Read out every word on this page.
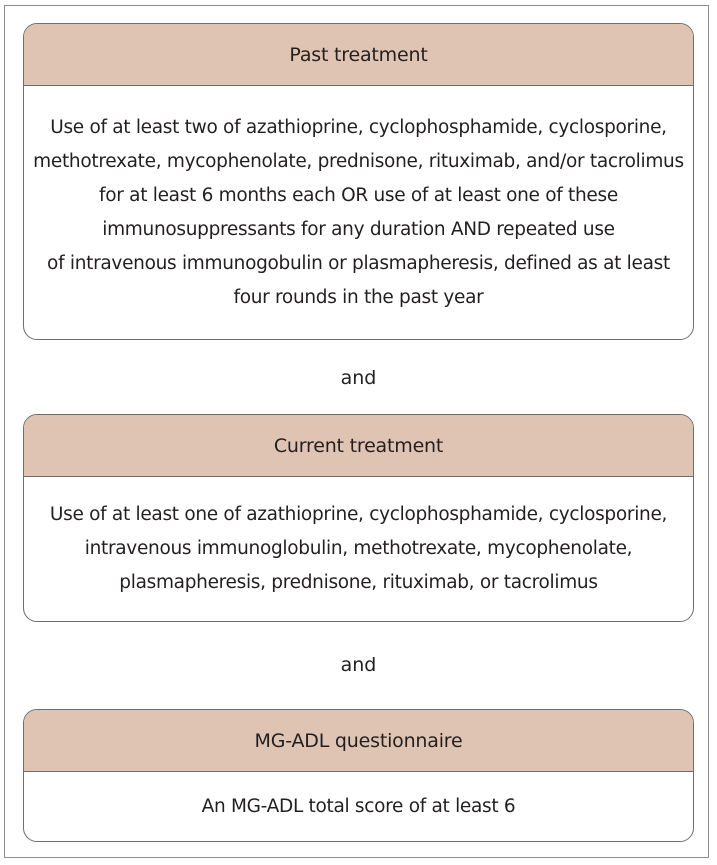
Past treatment
Use of at least two of azathioprine, cyclophosphamide, cyclosporine,
methotrexate, mycophenolate, prednisone, rituximab, and/or tacrolimus
for at least 6 months each OR use of at least one of these
immunosuppressants for any duration AND repeated use
of intravenous immunogobulin or plasmapheresis, defined as at least
four rounds in the past year
and
Current treatment
Use of at least one of azathioprine, cyclophosphamide, cyclosporine,
intravenous immunoglobulin, methotrexate, mycophenolate,
plasmapheresis, prednisone, rituximab, or tacrolimus
and
MG-ADL questionnaire
An MG-ADL total score of at least 6
